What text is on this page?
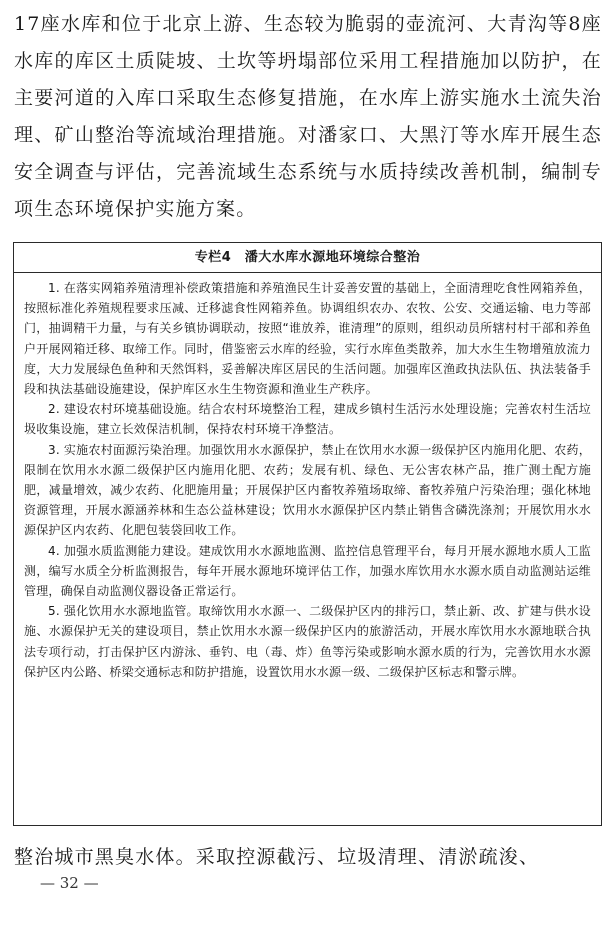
17座水库和位于北京上游、生态较为脆弱的壶流河、大青沟等8座水库的库区土质陡坡、土坎等坍塌部位采用工程措施加以防护，在主要河道的入库口采取生态修复措施，在水库上游实施水土流失治理、矿山整治等流域治理措施。对潘家口、大黑汀等水库开展生态安全调查与评估，完善流域生态系统与水质持续改善机制，编制专项生态环境保护实施方案。

专栏4　潘大水库水源地环境综合整治

1. 在落实网箱养殖清理补偿政策措施和养殖渔民生计妥善安置的基础上，全面清理吃食性网箱养鱼，按照标准化养殖规程要求压减、迁移滤食性网箱养鱼。协调组织农办、农牧、公安、交通运输、电力等部门，抽调精干力量，与有关乡镇协调联动，按照“谁放养，谁清理”的原则，组织动员所辖村村干部和养鱼户开展网箱迁移、取缔工作。同时，借鉴密云水库的经验，实行水库鱼类散养，加大水生生物增殖放流力度，大力发展绿色鱼种和天然饵料，妥善解决库区居民的生活问题。加强库区渔政执法队伍、执法装备手段和执法基础设施建设，保护库区水生生物资源和渔业生产秩序。

2. 建设农村环境基础设施。结合农村环境整治工程，建成乡镇村生活污水处理设施；完善农村生活垃圾收集设施，建立长效保洁机制，保持农村环境干净整洁。

3. 实施农村面源污染治理。加强饮用水水源保护，禁止在饮用水水源一级保护区内施用化肥、农药，限制在饮用水水源二级保护区内施用化肥、农药；发展有机、绿色、无公害农林产品，推广测土配方施肥，减量增效，减少农药、化肥施用量；开展保护区内畜牧养殖场取缔、畜牧养殖户污染治理；强化林地资源管理，开展水源涵养林和生态公益林建设；饮用水水源保护区内禁止销售含磷洗涤剂；开展饮用水水源保护区内农药、化肥包装袋回收工作。

4. 加强水质监测能力建设。建成饮用水水源地监测、监控信息管理平台，每月开展水源地水质人工监测，编写水质全分析监测报告，每年开展水源地环境评估工作，加强水库饮用水水源水质自动监测站运维管理，确保自动监测仪器设备正常运行。

5. 强化饮用水水源地监管。取缔饮用水水源一、二级保护区内的排污口，禁止新、改、扩建与供水设施、水源保护无关的建设项目，禁止饮用水水源一级保护区内的旅游活动，开展水库饮用水水源地联合执法专项行动，打击保护区内游泳、垂钓、电（毒、炸）鱼等污染或影响水源水质的行为，完善饮用水水源保护区内公路、桥梁交通标志和防护措施，设置饮用水水源一级、二级保护区标志和警示牌。

整治城市黑臭水体。采取控源截污、垃圾清理、清淤疏浚、

— 32 —
